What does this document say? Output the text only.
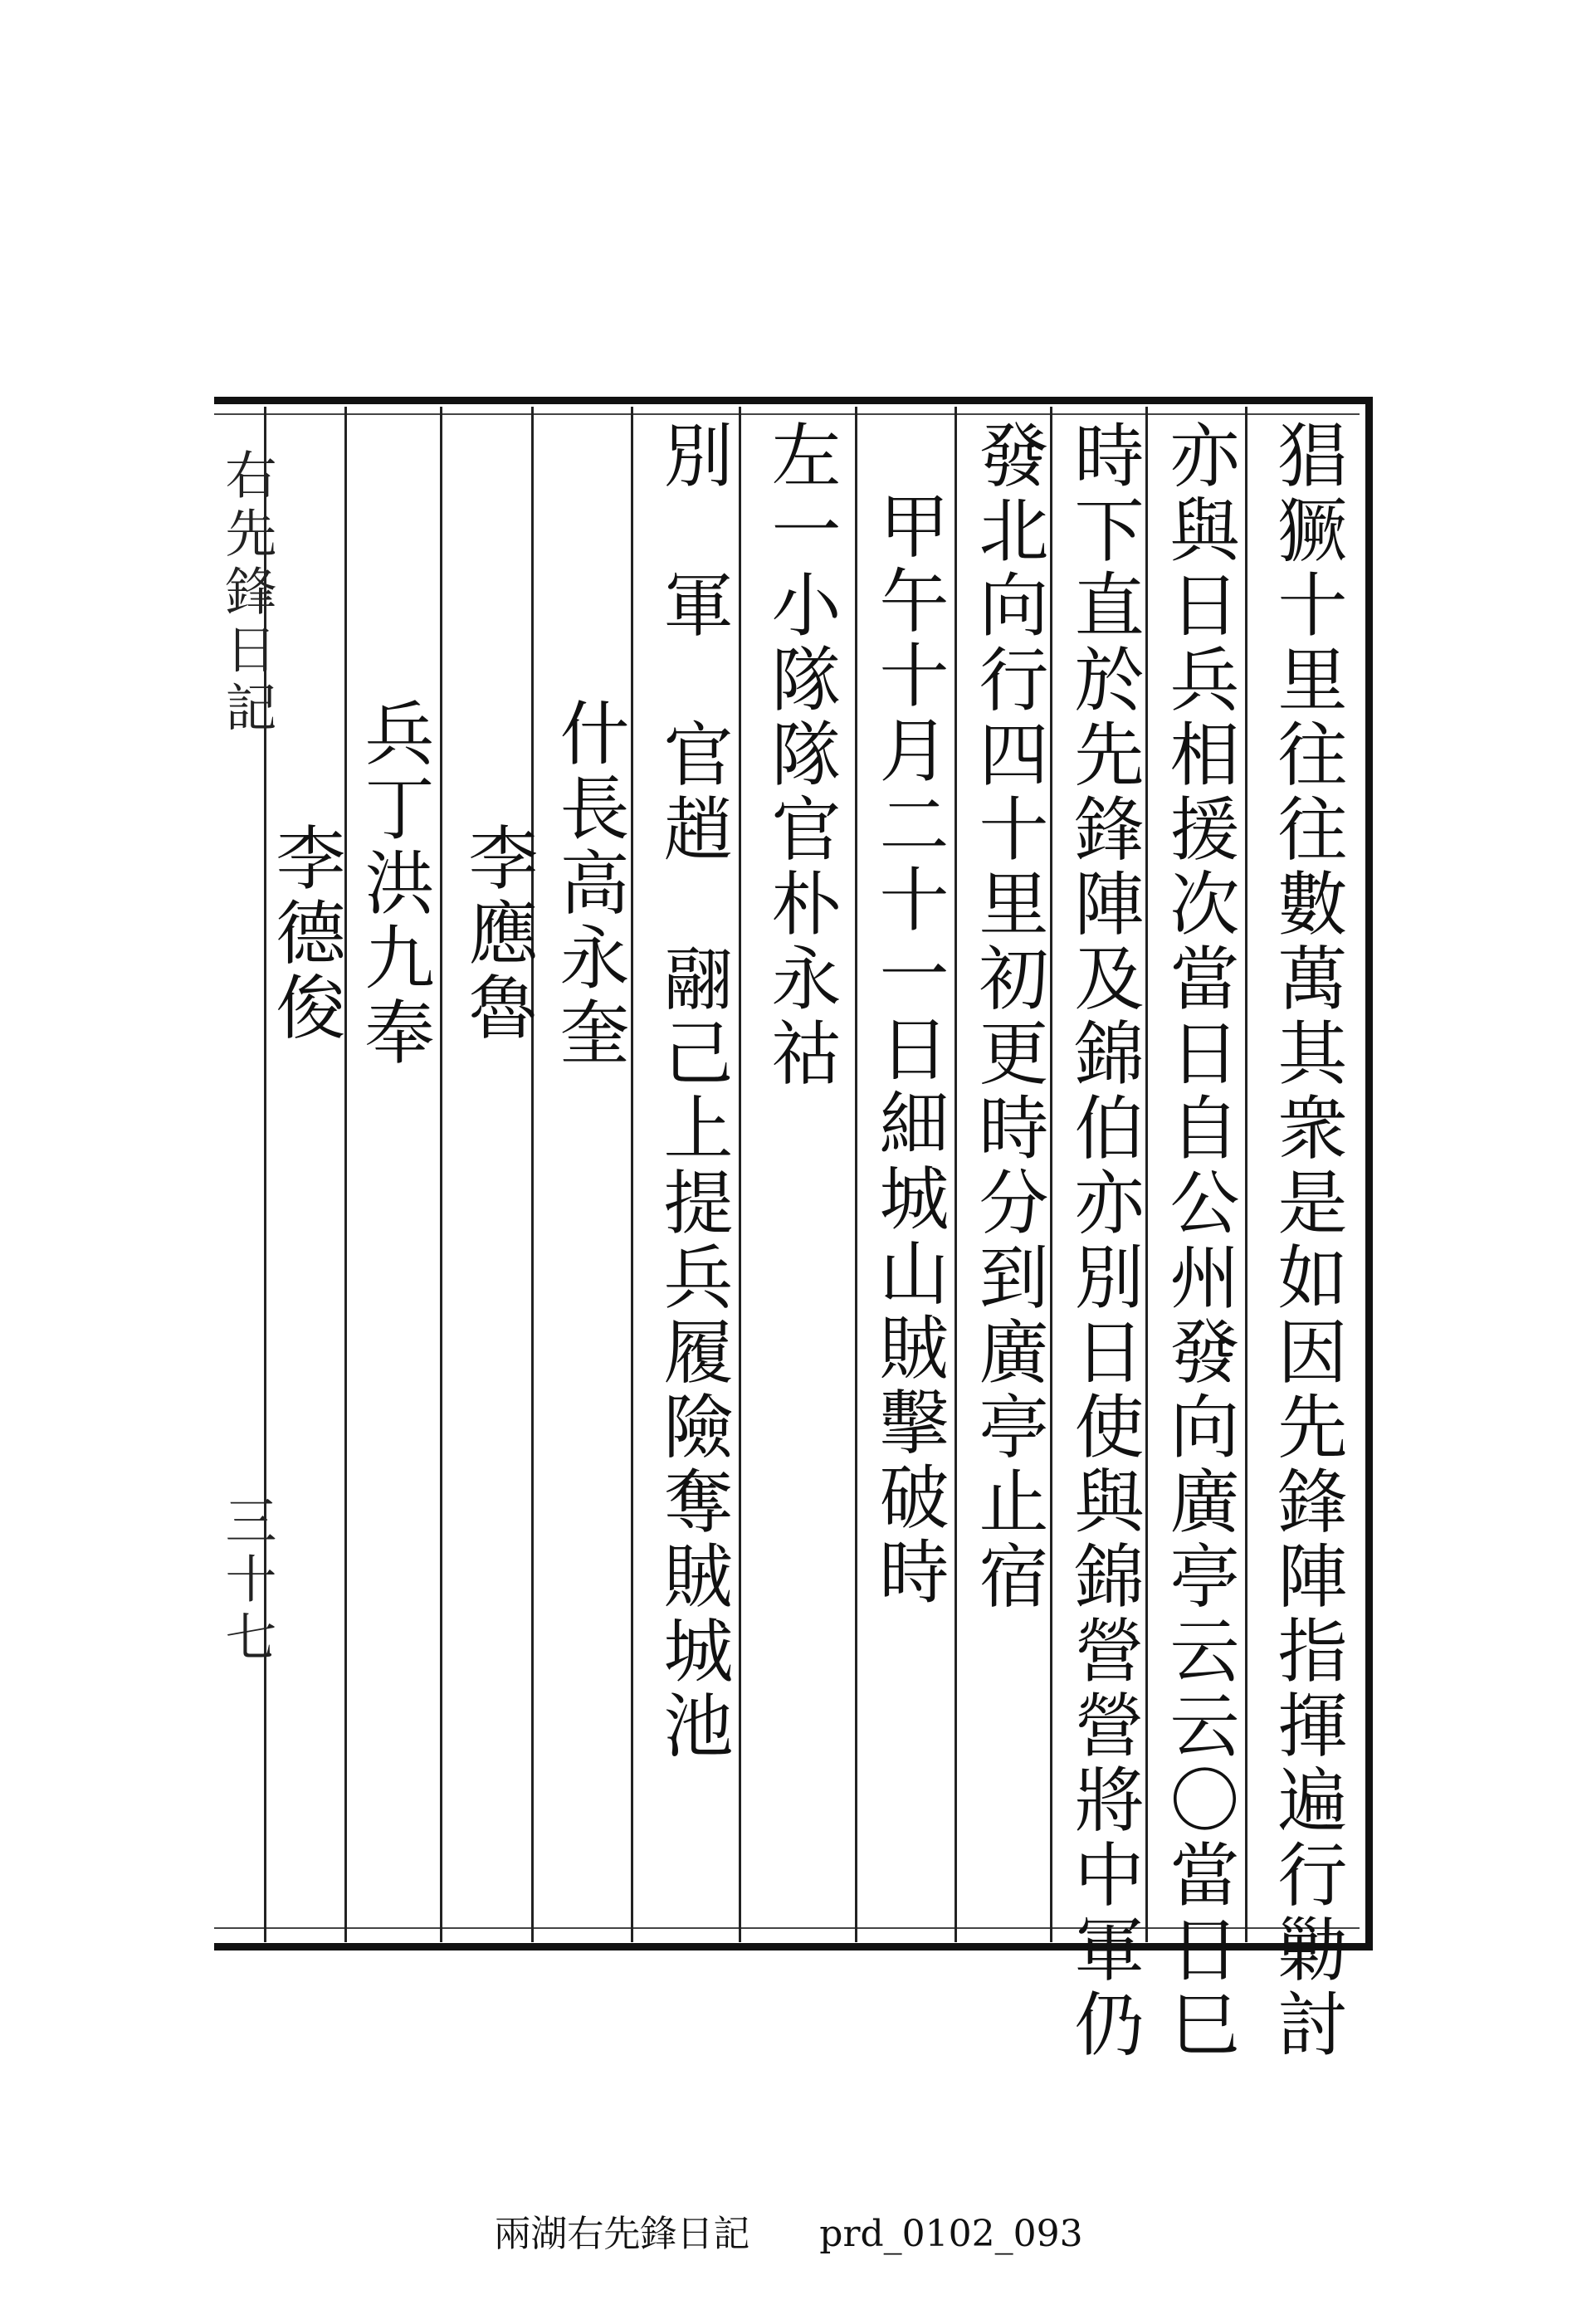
猖獗十里往往數萬其衆是如因先鋒陣指揮遍行勦討
亦與日兵相援次當日自公州發向廣亭云云〇當日巳
時下直於先鋒陣及錦伯亦別日使與錦營營將中軍仍
發北向行四十里初更時分到廣亭止宿
甲午十月二十一日細城山賊擊破時
左一小隊隊官朴永祜
別　軍　官趙　翮己上提兵履險奪賊城池
什長高永奎
李應魯
兵丁洪九奉
李德俊
右先鋒日記
三十七
兩湖右先鋒日記 prd_0102_093
